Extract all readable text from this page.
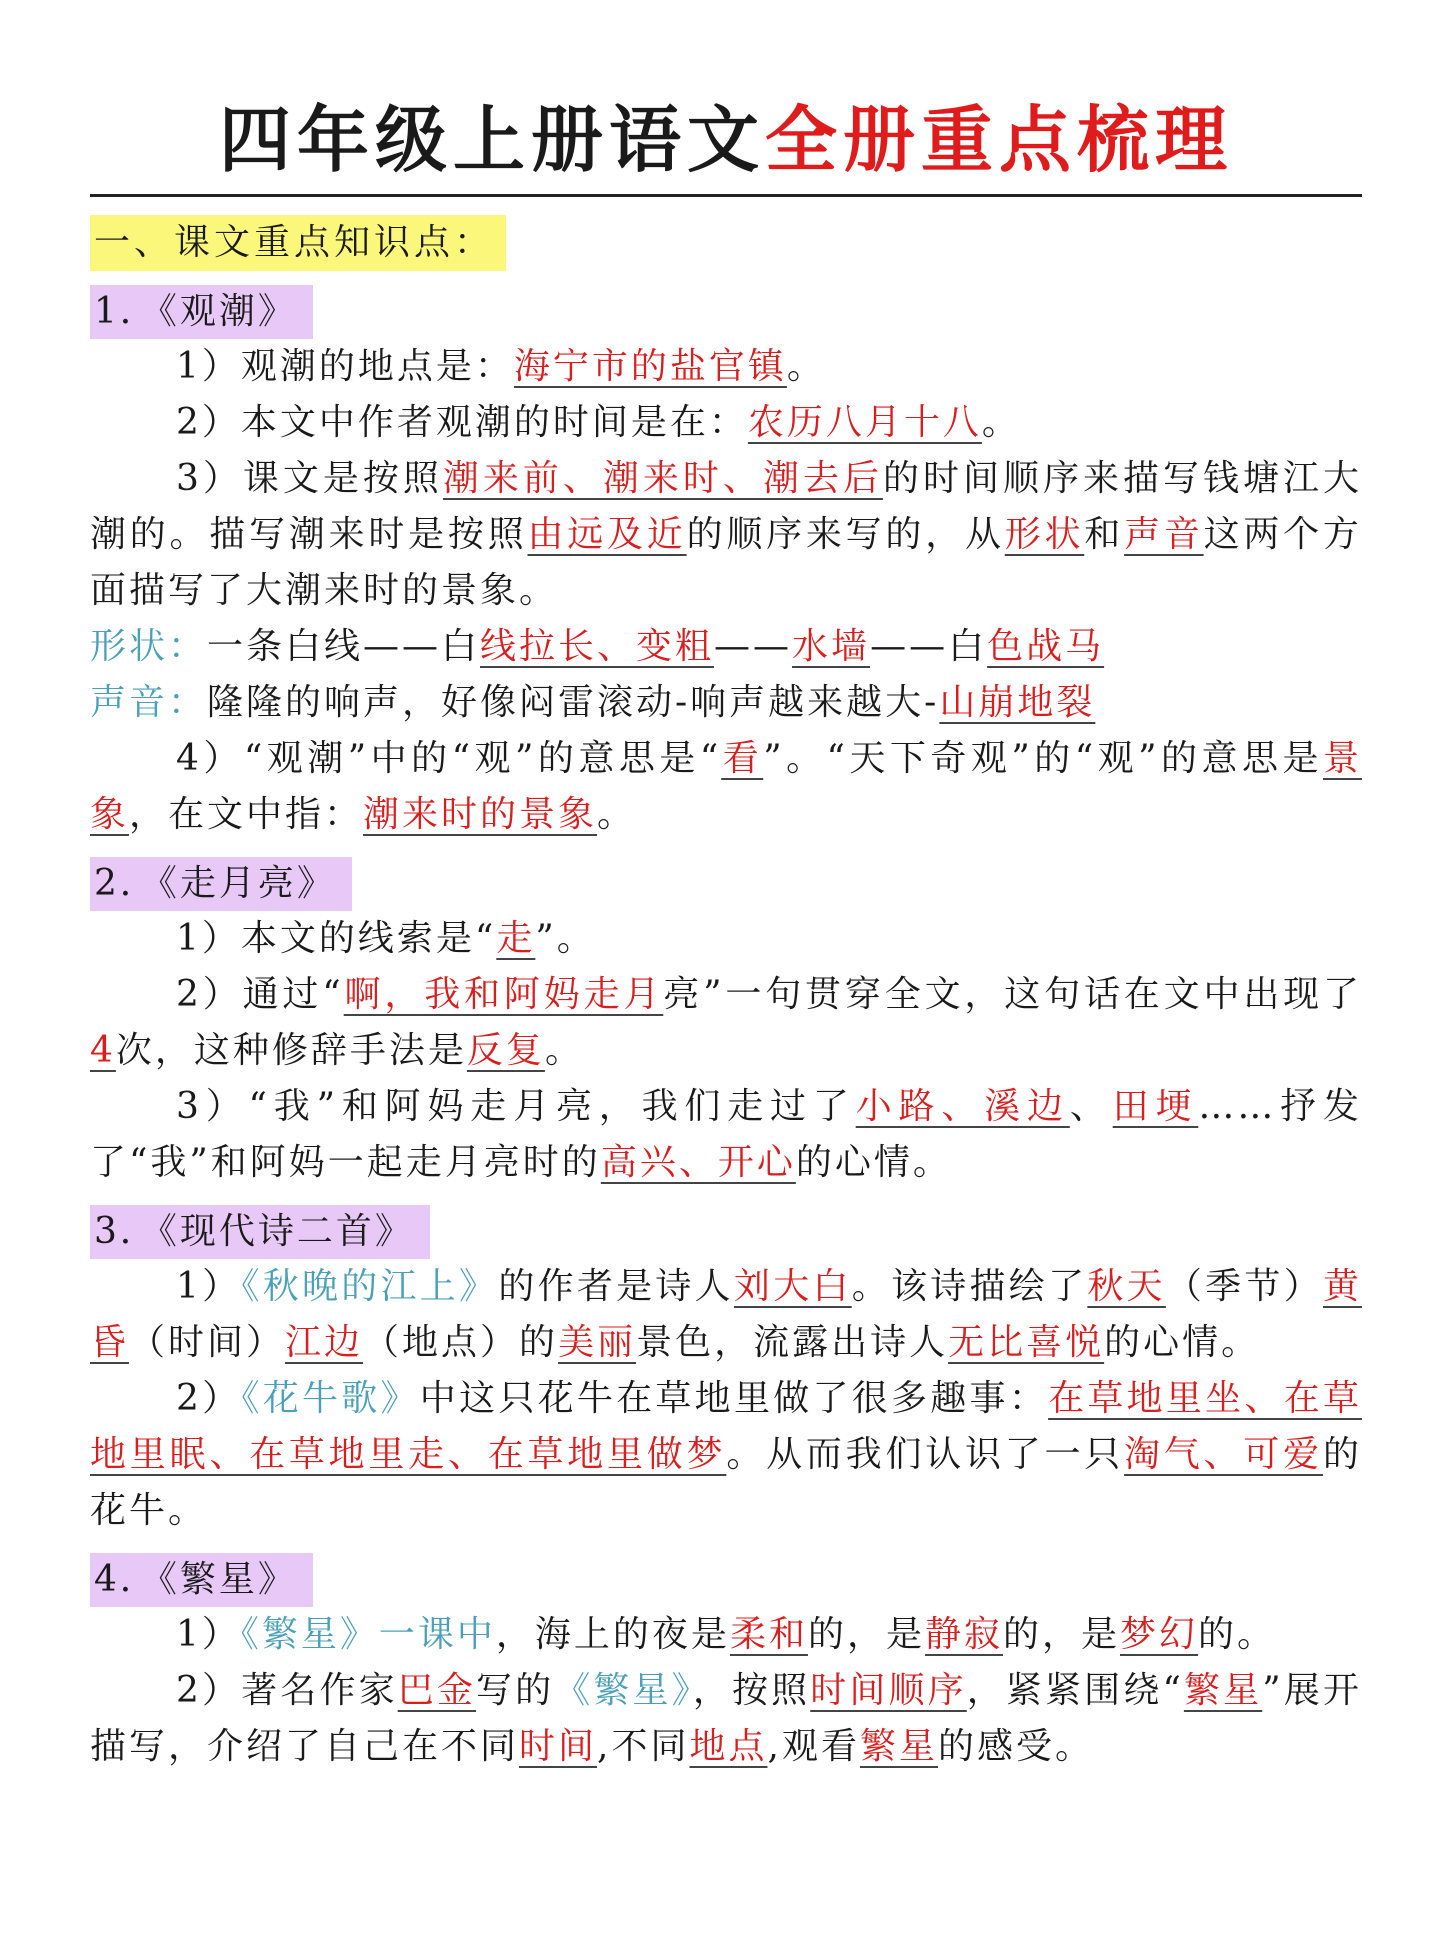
四年级上册语文全册重点梳理
一、课文重点知识点：
1．《观潮》

1）观潮的地点是：海宁市的盐官镇。

2）本文中作者观潮的时间是在：农历八月十八。

3）课文是按照潮来前、潮来时、潮去后的时间顺序来描写钱塘江大潮的。描写潮来时是按照由远及近的顺序来写的，从形状和声音这两个方面描写了大潮来时的景象。

形状：一条白线——白线拉长、变粗——水墙——白色战马

声音：隆隆的响声，好像闷雷滚动-响声越来越大-山崩地裂

4）“观潮”中的“观”的意思是“看”。“天下奇观”的“观”的意思是景象，在文中指：潮来时的景象。

2．《走月亮》

1）本文的线索是“走”。

2）通过“啊，我和阿妈走月亮”一句贯穿全文，这句话在文中出现了4次，这种修辞手法是反复。

3）“我”和阿妈走月亮，我们走过了小路、溪边、田埂……抒发了“我”和阿妈一起走月亮时的高兴、开心的心情。

3．《现代诗二首》

1）《秋晚的江上》的作者是诗人刘大白。该诗描绘了秋天（季节）黄昏（时间）江边（地点）的美丽景色，流露出诗人无比喜悦的心情。

2）《花牛歌》中这只花牛在草地里做了很多趣事：在草地里坐、在草地里眠、在草地里走、在草地里做梦。从而我们认识了一只淘气、可爱的花牛。

4．《繁星》

1）《繁星》一课中，海上的夜是柔和的，是静寂的，是梦幻的。

2）著名作家巴金写的《繁星》，按照时间顺序，紧紧围绕“繁星”展开描写，介绍了自己在不同时间,不同地点,观看繁星的感受。
